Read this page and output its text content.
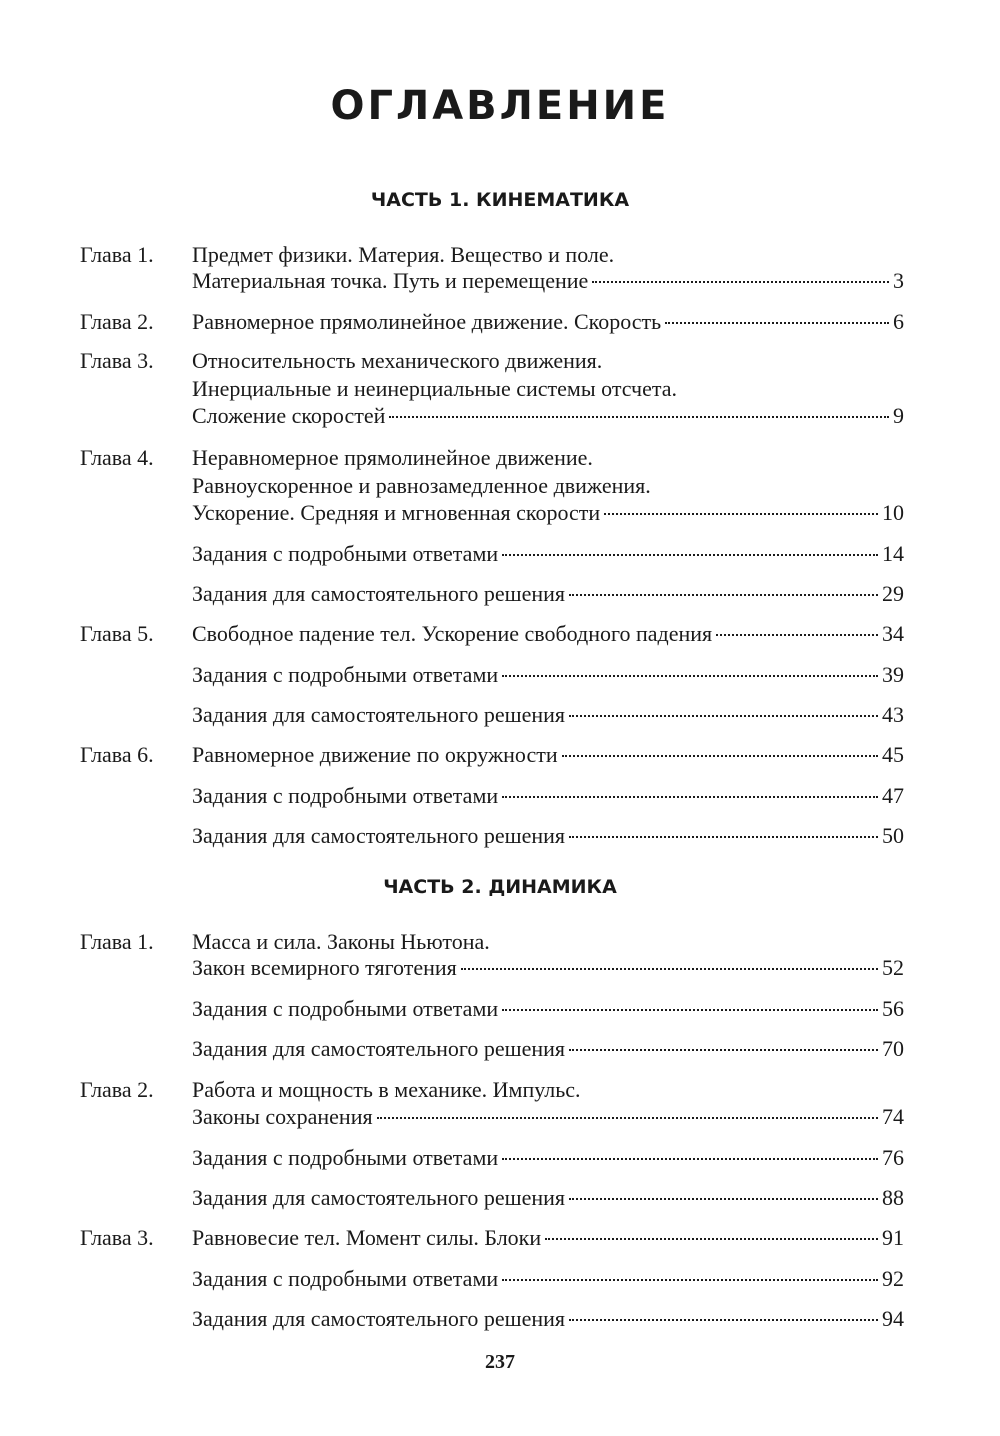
ОГЛАВЛЕНИЕ
ЧАСТЬ 1. КИНЕМАТИКА
Глава 1. Предмет физики. Материя. Вещество и поле.
Материальная точка. Путь и перемещение	3
Глава 2. Равномерное прямолинейное движение. Скорость	6
Глава 3. Относительность механического движения.
Инерциальные и неинерциальные системы отсчета.
Сложение скоростей	9
Глава 4. Неравномерное прямолинейное движение.
Равноускоренное и равнозамедленное движения.
Ускорение. Средняя и мгновенная скорости	10
Задания с подробными ответами	14
Задания для самостоятельного решения	29
Глава 5. Свободное падение тел. Ускорение свободного падения	34
Задания с подробными ответами	39
Задания для самостоятельного решения	43
Глава 6. Равномерное движение по окружности	45
Задания с подробными ответами	47
Задания для самостоятельного решения	50
ЧАСТЬ 2. ДИНАМИКА
Глава 1. Масса и сила. Законы Ньютона.
Закон всемирного тяготения	52
Задания с подробными ответами	56
Задания для самостоятельного решения	70
Глава 2. Работа и мощность в механике. Импульс.
Законы сохранения	74
Задания с подробными ответами	76
Задания для самостоятельного решения	88
Глава 3. Равновесие тел. Момент силы. Блоки	91
Задания с подробными ответами	92
Задания для самостоятельного решения	94
237
